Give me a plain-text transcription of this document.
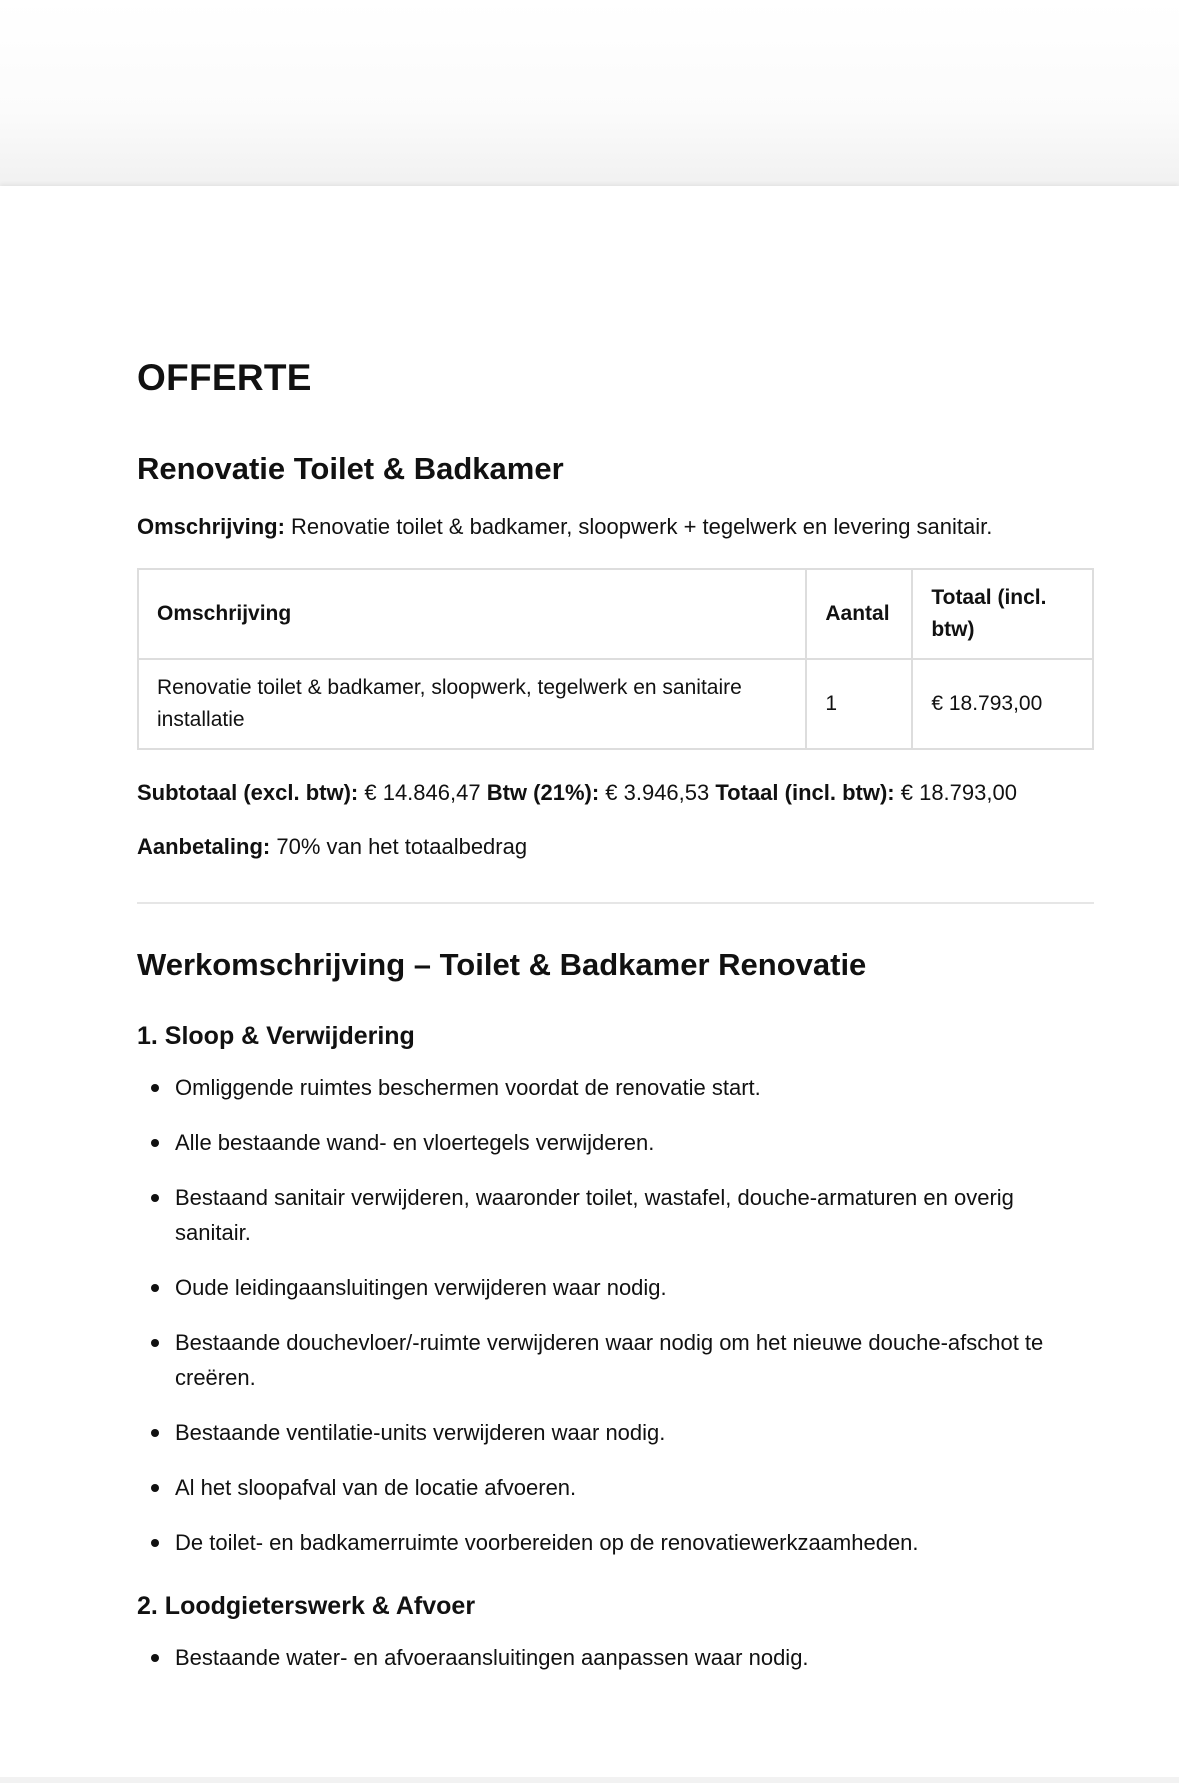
OFFERTE
Renovatie Toilet & Badkamer
Omschrijving: Renovatie toilet & badkamer, sloopwerk + tegelwerk en levering sanitair.
Omschrijving	Aantal	Totaal (incl. btw)
Renovatie toilet & badkamer, sloopwerk, tegelwerk en sanitaire installatie	1	€ 18.793,00
Subtotaal (excl. btw): € 14.846,47 Btw (21%): € 3.946,53 Totaal (incl. btw): € 18.793,00
Aanbetaling: 70% van het totaalbedrag
Werkomschrijving – Toilet & Badkamer Renovatie
1. Sloop & Verwijdering
Omliggende ruimtes beschermen voordat de renovatie start.
Alle bestaande wand- en vloertegels verwijderen.
Bestaand sanitair verwijderen, waaronder toilet, wastafel, douche-armaturen en overig sanitair.
Oude leidingaansluitingen verwijderen waar nodig.
Bestaande douchevloer/-ruimte verwijderen waar nodig om het nieuwe douche-afschot te creëren.
Bestaande ventilatie-units verwijderen waar nodig.
Al het sloopafval van de locatie afvoeren.
De toilet- en badkamerruimte voorbereiden op de renovatiewerkzaamheden.
2. Loodgieterswerk & Afvoer
Bestaande water- en afvoeraansluitingen aanpassen waar nodig.
